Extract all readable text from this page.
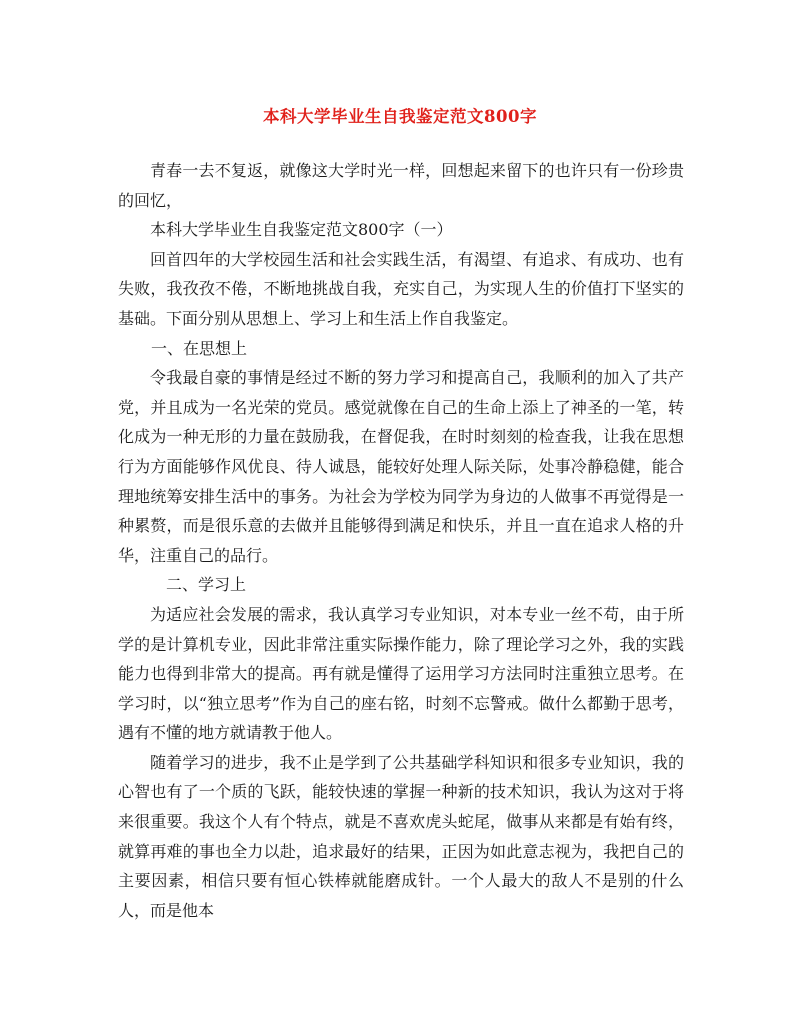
本科大学毕业生自我鉴定范文800字

青春一去不复返，就像这大学时光一样，回想起来留下的也许只有一份珍贵的回忆，

本科大学毕业生自我鉴定范文800字（一）

回首四年的大学校园生活和社会实践生活，有渴望、有追求、有成功、也有失败，我孜孜不倦，不断地挑战自我，充实自己，为实现人生的价值打下坚实的基础。下面分别从思想上、学习上和生活上作自我鉴定。

一、在思想上

令我最自豪的事情是经过不断的努力学习和提高自己，我顺利的加入了共产党，并且成为一名光荣的党员。感觉就像在自己的生命上添上了神圣的一笔，转化成为一种无形的力量在鼓励我，在督促我，在时时刻刻的检查我，让我在思想行为方面能够作风优良、待人诚恳，能较好处理人际关际，处事冷静稳健，能合理地统筹安排生活中的事务。为社会为学校为同学为身边的人做事不再觉得是一种累赘，而是很乐意的去做并且能够得到满足和快乐，并且一直在追求人格的升华，注重自己的品行。

二、学习上

为适应社会发展的需求，我认真学习专业知识，对本专业一丝不苟，由于所学的是计算机专业，因此非常注重实际操作能力，除了理论学习之外，我的实践能力也得到非常大的提高。再有就是懂得了运用学习方法同时注重独立思考。在学习时，以“独立思考”作为自己的座右铭，时刻不忘警戒。做什么都勤于思考，遇有不懂的地方就请教于他人。

随着学习的进步，我不止是学到了公共基础学科知识和很多专业知识，我的心智也有了一个质的飞跃，能较快速的掌握一种新的技术知识，我认为这对于将来很重要。我这个人有个特点，就是不喜欢虎头蛇尾，做事从来都是有始有终，就算再难的事也全力以赴，追求最好的结果，正因为如此意志视为，我把自己的主要因素，相信只要有恒心铁棒就能磨成针。一个人最大的敌人不是别的什么人，而是他本
